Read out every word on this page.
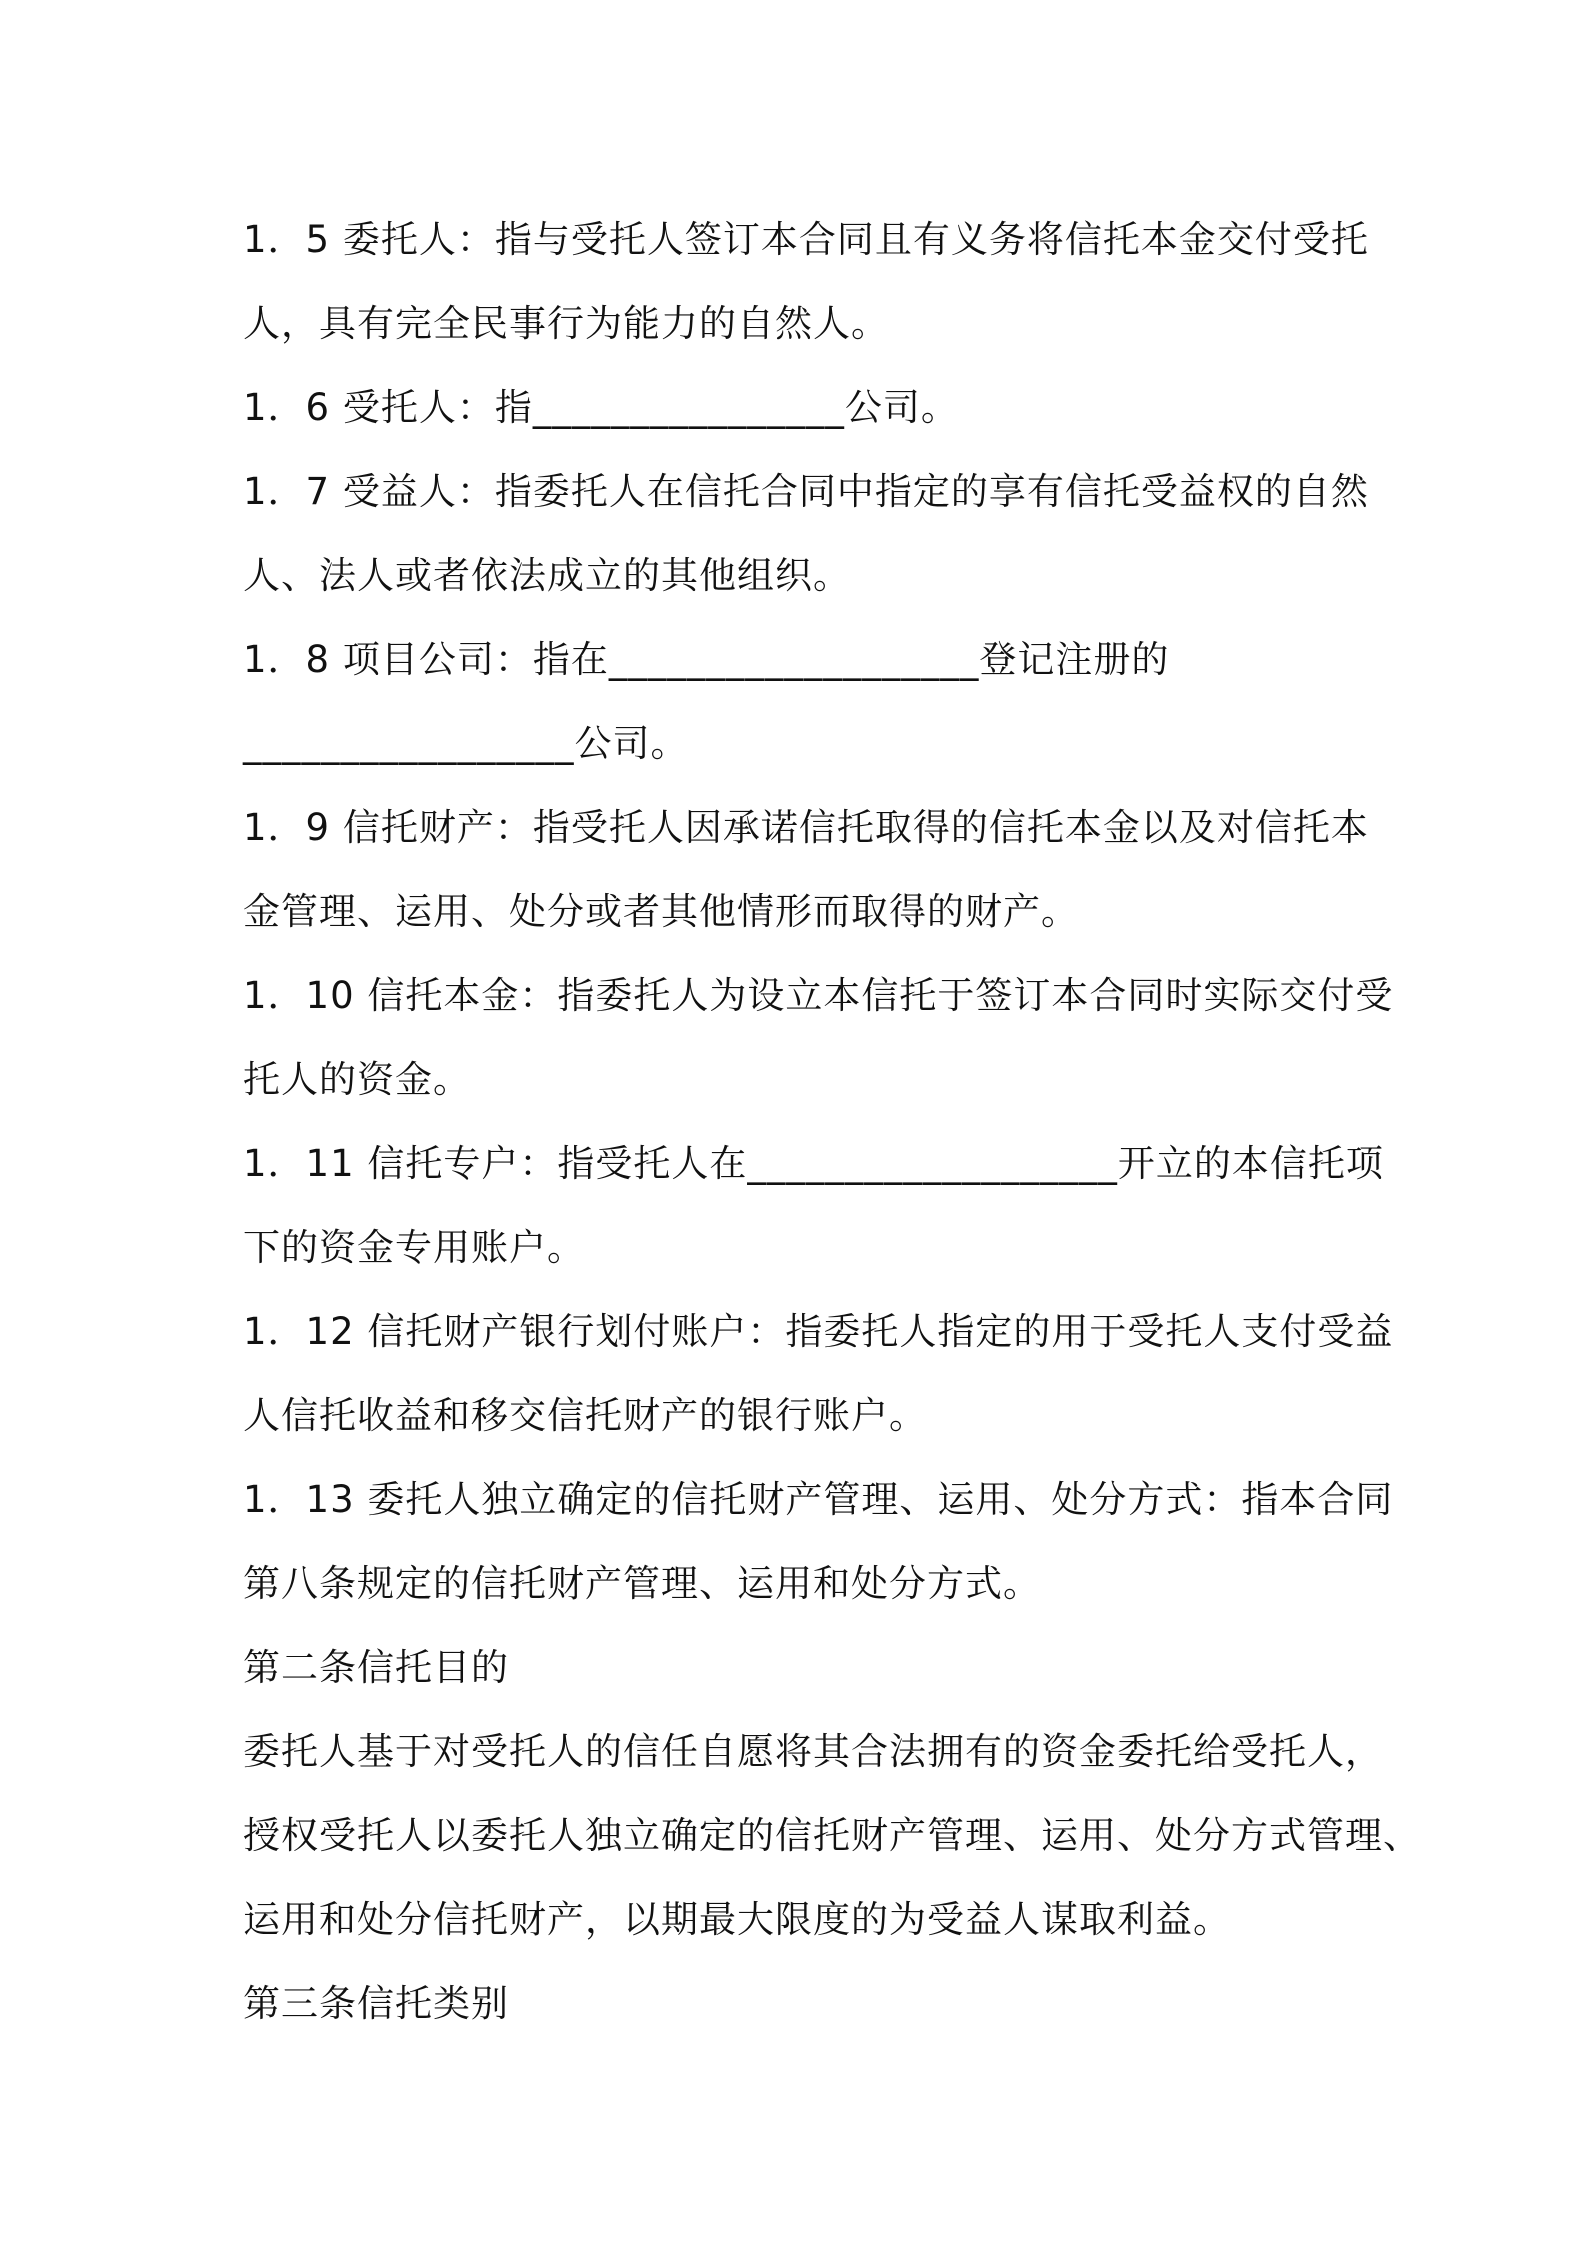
1．5 委托人：指与受托人签订本合同且有义务将信托本金交付受托
人，具有完全民事行为能力的自然人。
1．6 受托人：指________________公司。
1．7 受益人：指委托人在信托合同中指定的享有信托受益权的自然
人、法人或者依法成立的其他组织。
1．8 项目公司：指在___________________登记注册的
_________________公司。
1．9 信托财产：指受托人因承诺信托取得的信托本金以及对信托本
金管理、运用、处分或者其他情形而取得的财产。
1．10 信托本金：指委托人为设立本信托于签订本合同时实际交付受
托人的资金。
1．11 信托专户：指受托人在___________________开立的本信托项
下的资金专用账户。
1．12 信托财产银行划付账户：指委托人指定的用于受托人支付受益
人信托收益和移交信托财产的银行账户。
1．13 委托人独立确定的信托财产管理、运用、处分方式：指本合同
第八条规定的信托财产管理、运用和处分方式。
第二条信托目的
委托人基于对受托人的信任自愿将其合法拥有的资金委托给受托人，
授权受托人以委托人独立确定的信托财产管理、运用、处分方式管理、
运用和处分信托财产，以期最大限度的为受益人谋取利益。
第三条信托类别
